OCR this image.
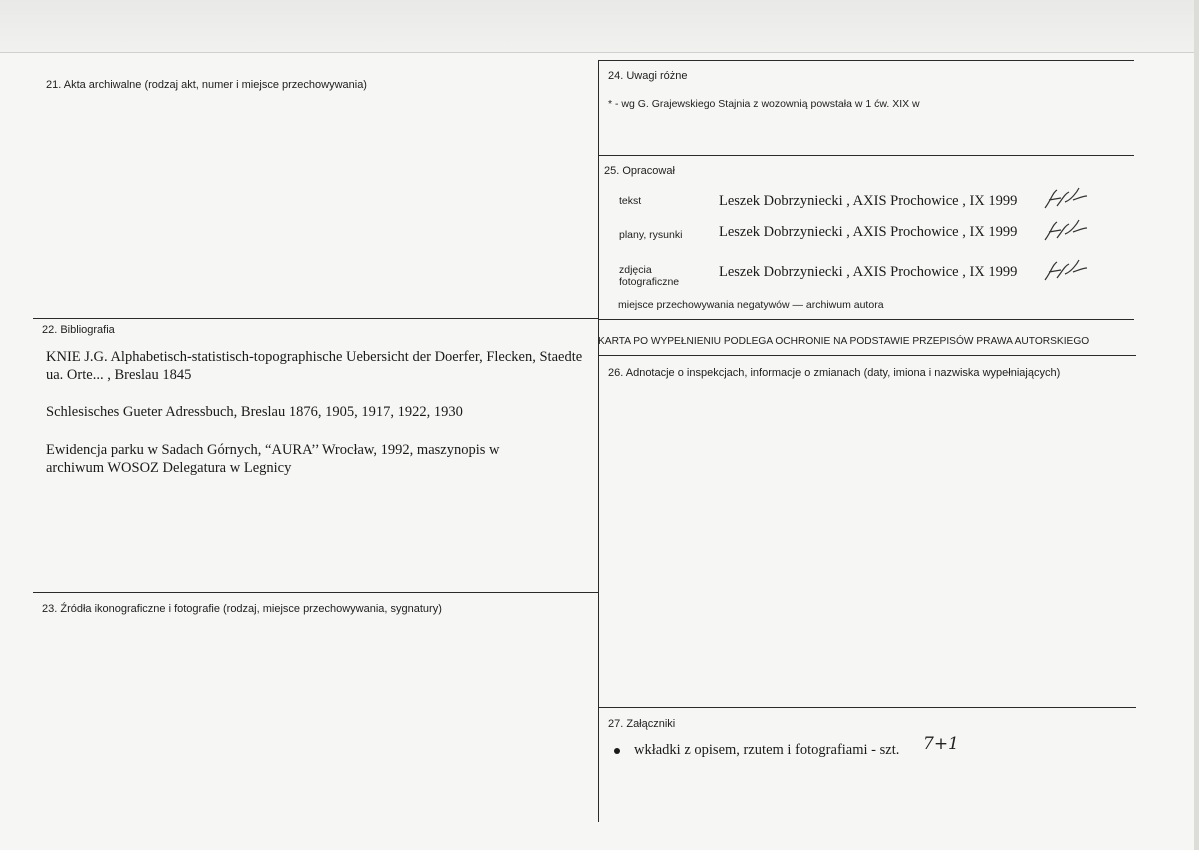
21. Akta archiwalne (rodzaj akt, numer i miejsce przechowywania)
22. Bibliografia
KNIE J.G. Alphabetisch-statistisch-topographische Uebersicht der Doerfer, Flecken, Staedte ua. Orte... , Breslau 1845
Schlesisches Gueter Adressbuch, Breslau 1876, 1905, 1917, 1922, 1930
Ewidencja parku w Sadach Górnych, “AURA’’ Wrocław, 1992, maszynopis w archiwum WOSOZ Delegatura w Legnicy
23. Źródła ikonograficzne i fotografie (rodzaj, miejsce przechowywania, sygnatury)
24. Uwagi różne
* - wg G. Grajewskiego Stajnia z wozownią powstała w 1 ćw. XIX w
25. Opracował
tekst	Leszek Dobrzyniecki , AXIS Prochowice , IX 1999
plany, rysunki	Leszek Dobrzyniecki , AXIS Prochowice , IX 1999
zdjęcia fotograficzne
Leszek Dobrzyniecki , AXIS Prochowice , IX 1999
miejsce przechowywania negatywów — archiwum autora
KARTA PO WYPEŁNIENIU PODLEGA OCHRONIE NA PODSTAWIE PRZEPISÓW PRAWA AUTORSKIEGO
26. Adnotacje o inspekcjach, informacje o zmianach (daty, imiona i nazwiska wypełniających)
27. Załączniki
wkładki z opisem, rzutem i fotografiami - szt. 7+1
